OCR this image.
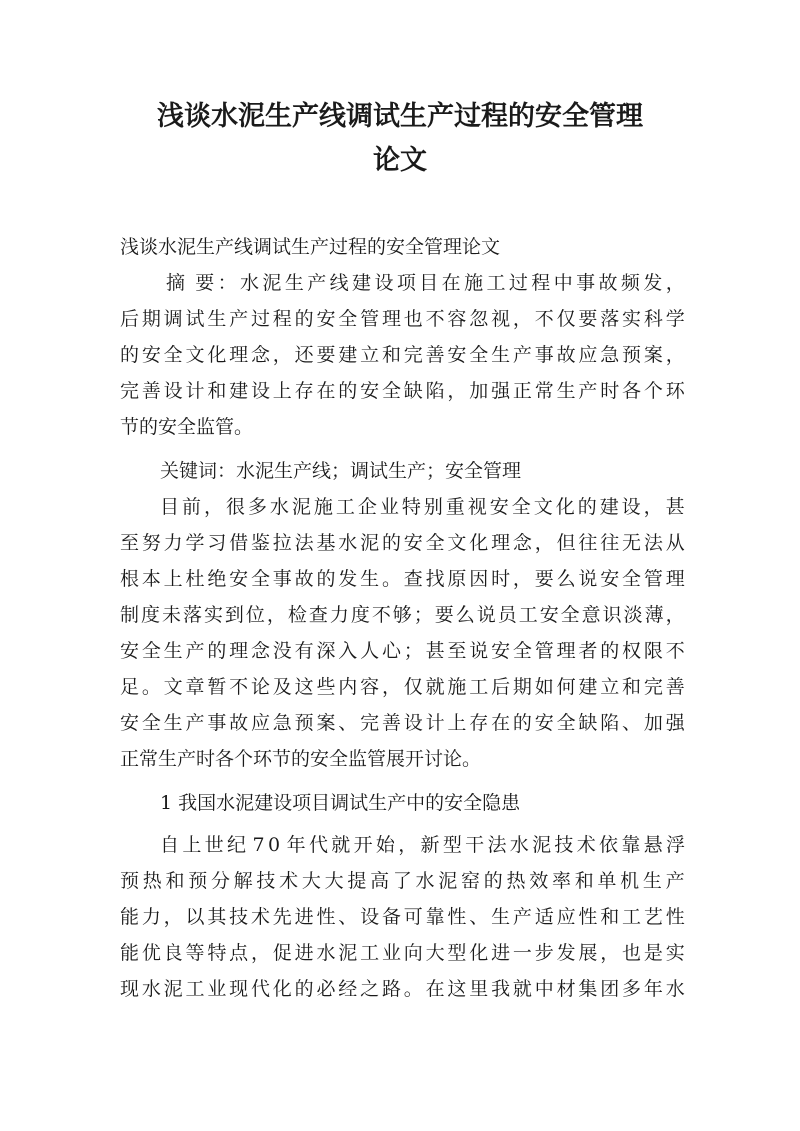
浅谈水泥生产线调试生产过程的安全管理
论文
浅谈水泥生产线调试生产过程的安全管理论文
摘 要 ： 水 泥 生 产 线 建 设 项 目 在 施 工 过 程 中 事 故 频 发 ，
后 期 调 试 生 产 过 程 的 安 全 管 理 也 不 容 忽 视 ， 不 仅 要 落 实 科 学
的 安 全 文 化 理 念 ， 还 要 建 立 和 完 善 安 全 生 产 事 故 应 急 预 案 ，
完 善 设 计 和 建 设 上 存 在 的 安 全 缺 陷 ， 加 强 正 常 生 产 时 各 个 环
节的安全监管。
关键词：水泥生产线；调试生产；安全管理
目 前 ， 很 多 水 泥 施 工 企 业 特 别 重 视 安 全 文 化 的 建 设 ， 甚
至 努 力 学 习 借 鉴 拉 法 基 水 泥 的 安 全 文 化 理 念 ， 但 往 往 无 法 从
根 本 上 杜 绝 安 全 事 故 的 发 生 。 查 找 原 因 时 ， 要 么 说 安 全 管 理
制 度 未 落 实 到 位 ， 检 查 力 度 不 够 ； 要 么 说 员 工 安 全 意 识 淡 薄 ，
安 全 生 产 的 理 念 没 有 深 入 人 心 ； 甚 至 说 安 全 管 理 者 的 权 限 不
足 。 文 章 暂 不 论 及 这 些 内 容 ， 仅 就 施 工 后 期 如 何 建 立 和 完 善
安 全 生 产 事 故 应 急 预 案 、 完 善 设 计 上 存 在 的 安 全 缺 陷 、 加 强
正常生产时各个环节的安全监管展开讨论。
1 我国水泥建设项目调试生产中的安全隐患
自 上 世 纪 7 0 年 代 就 开 始 ， 新 型 干 法 水 泥 技 术 依 靠 悬 浮
预 热 和 预 分 解 技 术 大 大 提 高 了 水 泥 窑 的 热 效 率 和 单 机 生 产
能 力 ， 以 其 技 术 先 进 性 、 设 备 可 靠 性 、 生 产 适 应 性 和 工 艺 性
能 优 良 等 特 点 ， 促 进 水 泥 工 业 向 大 型 化 进 一 步 发 展 ， 也 是 实
现 水 泥 工 业 现 代 化 的 必 经 之 路 。 在 这 里 我 就 中 材 集 团 多 年 水
